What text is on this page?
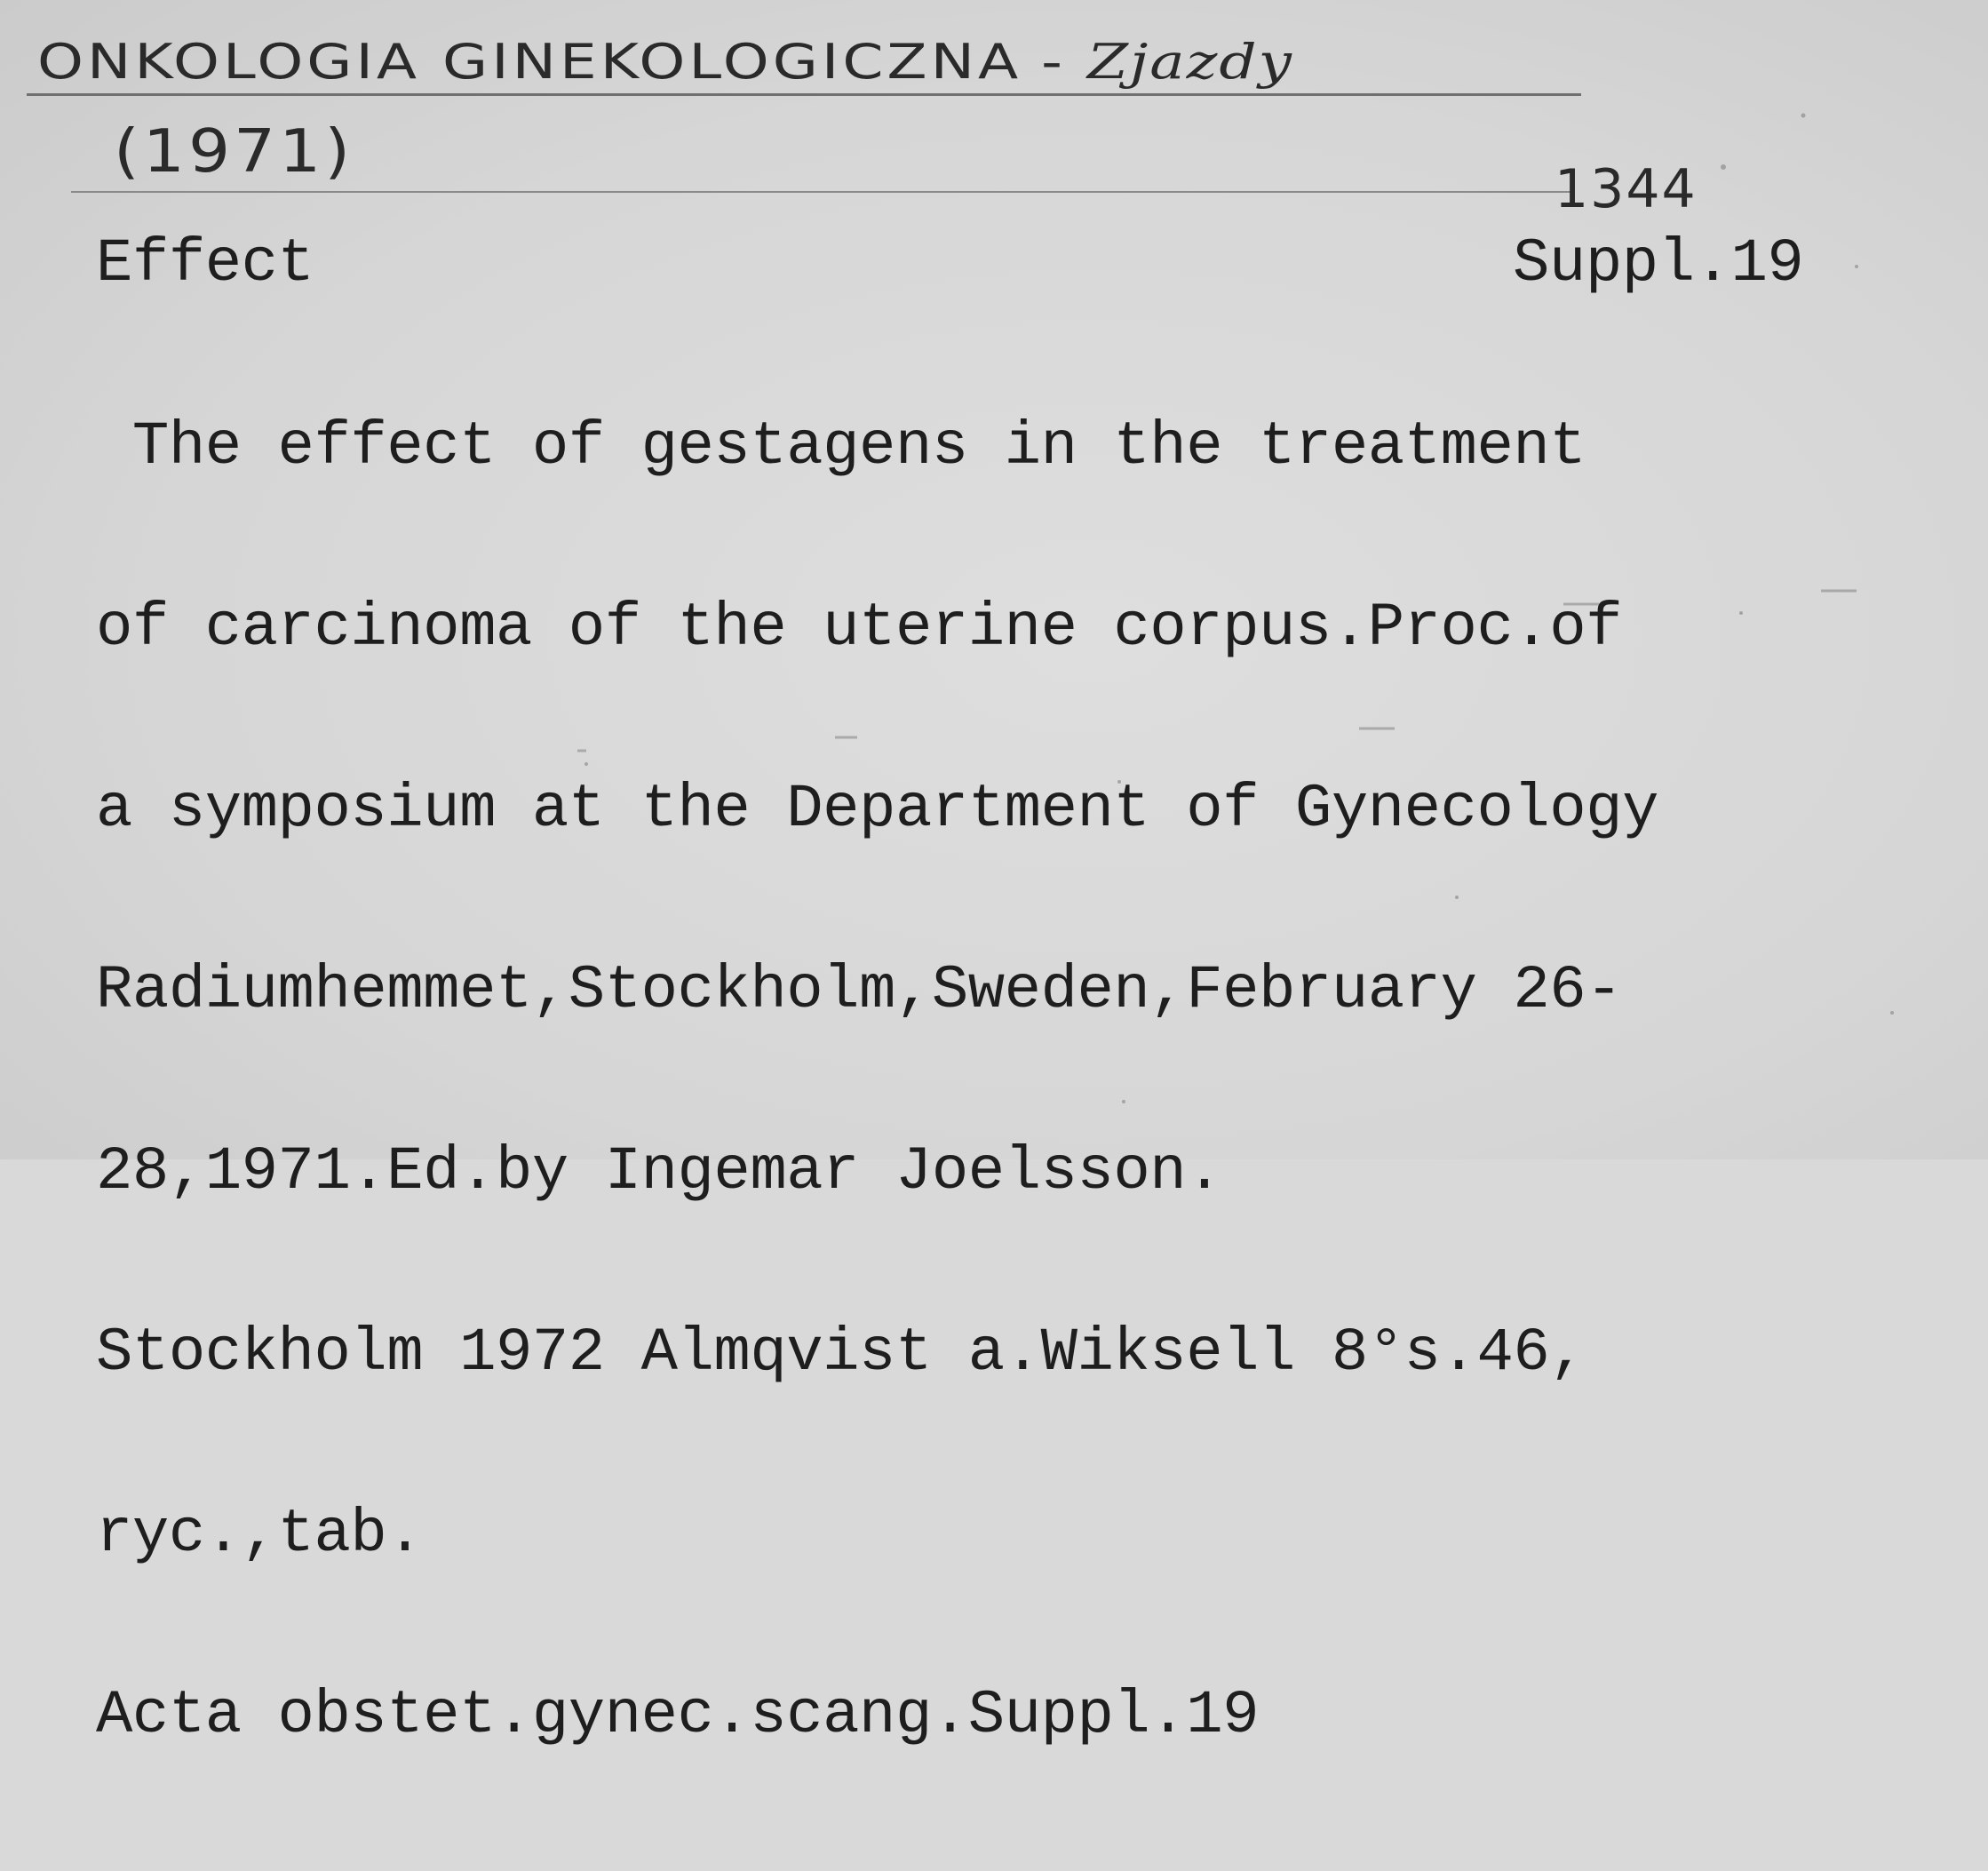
ONKOLOGIA GINEKOLOGICZNA - Zjazdy
(1971)
1344
Effect	Suppl.19

The effect of gestagens in the treatment

of carcinoma of the uterine corpus.Proc.of

a symposium at the Department of Gynecology

Radiumhemmet,Stockholm,Sweden,February 26-

28,1971.Ed.by Ingemar Joelsson.

Stockholm 1972 Almqvist a.Wiksell 8°s.46,

ryc.,tab.

Acta obstet.gynec.scang.Suppl.19
